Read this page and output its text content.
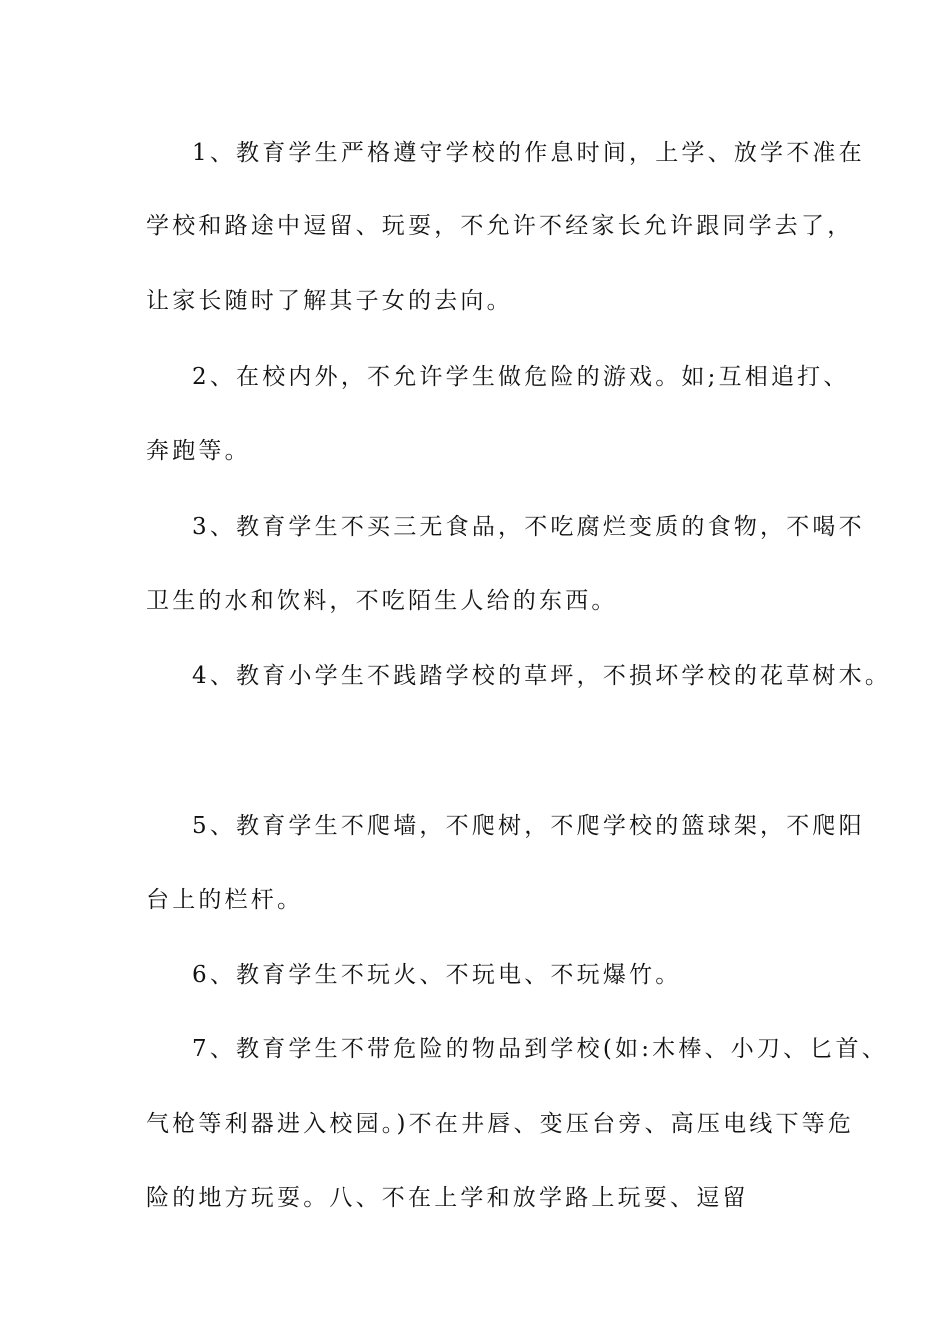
1、教育学生严格遵守学校的作息时间，上学、放学不准在
学校和路途中逗留、玩耍，不允许不经家长允许跟同学去了，
让家长随时了解其子女的去向。
2、在校内外，不允许学生做危险的游戏。如;互相追打、
奔跑等。
3、教育学生不买三无食品，不吃腐烂变质的食物，不喝不
卫生的水和饮料，不吃陌生人给的东西。
4、教育小学生不践踏学校的草坪，不损坏学校的花草树木。
5、教育学生不爬墙，不爬树，不爬学校的篮球架，不爬阳
台上的栏杆。
6、教育学生不玩火、不玩电、不玩爆竹。
7、教育学生不带危险的物品到学校(如:木棒、小刀、匕首、
气枪等利器进入校园。)不在井唇、变压台旁、高压电线下等危
险的地方玩耍。八、不在上学和放学路上玩耍、逗留
